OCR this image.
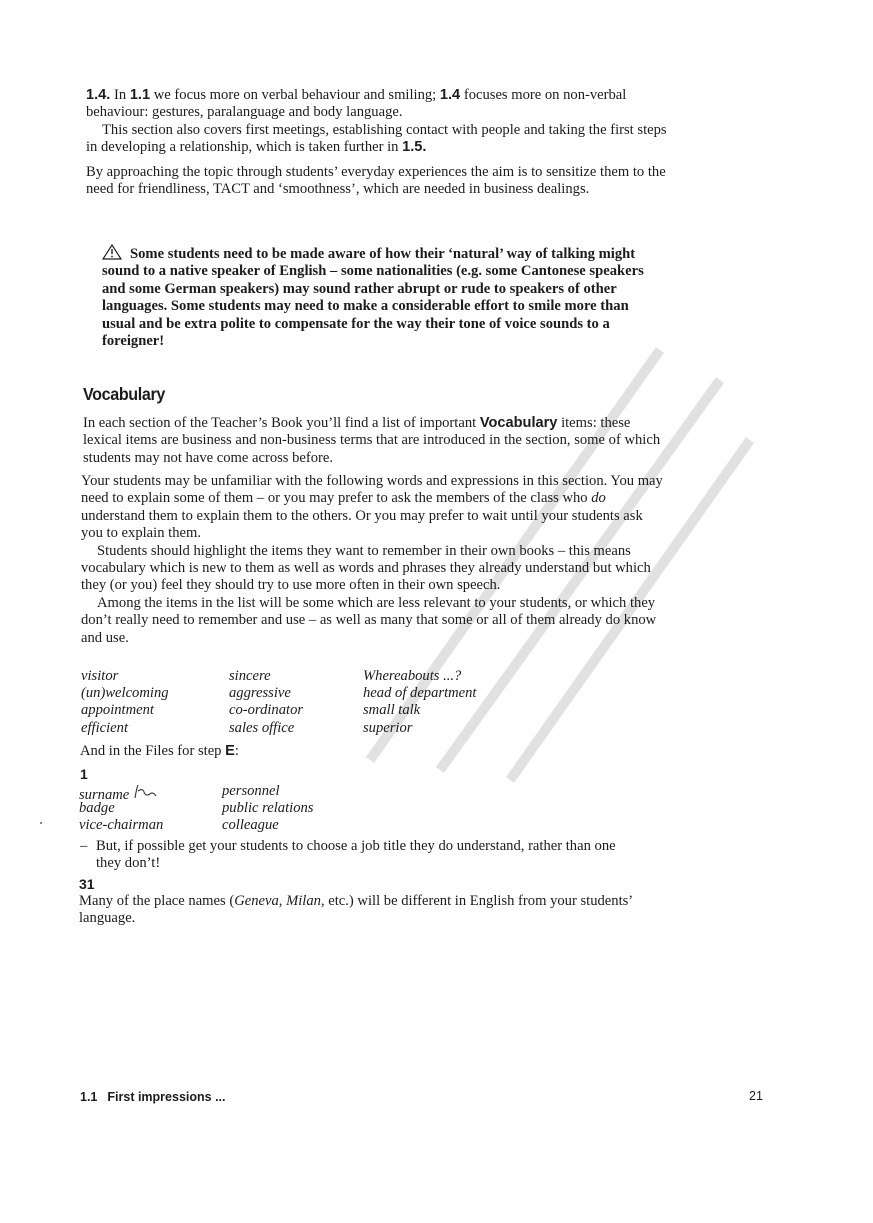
1.4. In 1.1 we focus more on verbal behaviour and smiling; 1.4 focuses more on non-verbal behaviour: gestures, paralanguage and body language.

This section also covers first meetings, establishing contact with people and taking the first steps in developing a relationship, which is taken further in 1.5.

By approaching the topic through students’ everyday experiences the aim is to sensitize them to the need for friendliness, TACT and ‘smoothness’, which are needed in business dealings.

Some students need to be made aware of how their ‘natural’ way of talking might sound to a native speaker of English – some nationalities (e.g. some Cantonese speakers and some German speakers) may sound rather abrupt or rude to speakers of other languages. Some students may need to make a considerable effort to smile more than usual and be extra polite to compensate for the way their tone of voice sounds to a foreigner!
Vocabulary

In each section of the Teacher’s Book you’ll find a list of important Vocabulary items: these lexical items are business and non-business terms that are introduced in the section, some of which students may not have come across before.

Your students may be unfamiliar with the following words and expressions in this section. You may need to explain some of them – or you may prefer to ask the members of the class who do understand them to explain them to the others. Or you may prefer to wait until your students ask you to explain them.

Students should highlight the items they want to remember in their own books – this means vocabulary which is new to them as well as words and phrases they already understand but which they (or you) feel they should try to use more often in their own speech.

Among the items in the list will be some which are less relevant to your students, or which they don’t really need to remember and use – as well as many that some or all of them already do know and use.

visitor
(un)welcoming
appointment
efficient
sincere
aggressive
co-ordinator
sales office
Whereabouts ...?
head of department
small talk
superior

And in the Files for step E:

1
surname
badge
vice-chairman
personnel
public relations
colleague
– But, if possible get your students to choose a job title they do understand, rather than one they don’t!
31

Many of the place names (Geneva, Milan, etc.) will be different in English from your students’ language.

1.1 First impressions ...	21
